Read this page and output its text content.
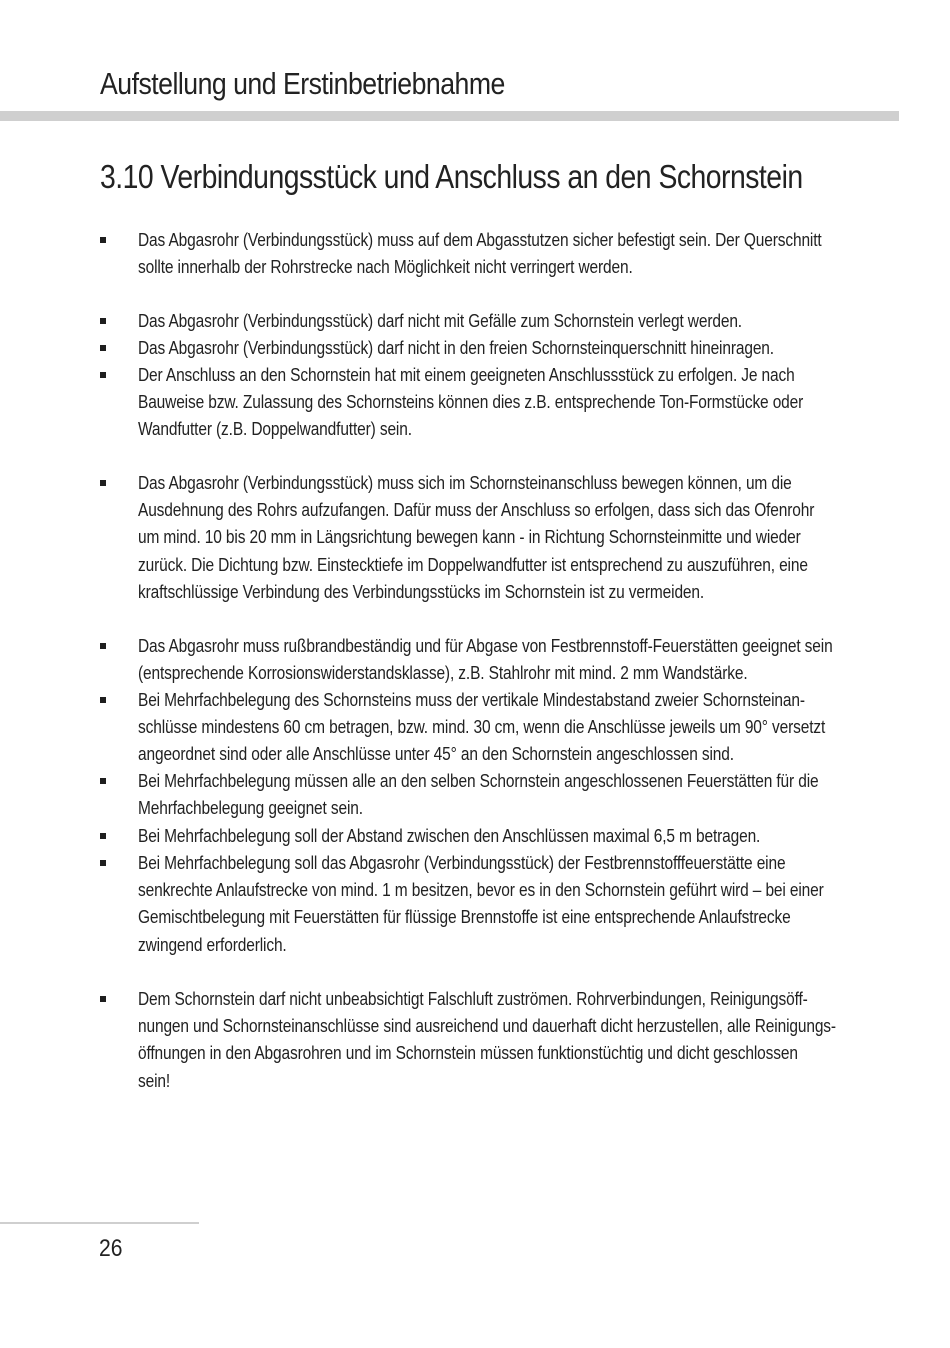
Aufstellung und Erstinbetriebnahme
3.10 Verbindungsstück und Anschluss an den Schornstein
Das Abgasrohr (Verbindungsstück) muss auf dem Abgasstutzen sicher befestigt sein. Der Querschnitt
sollte innerhalb der Rohrstrecke nach Möglichkeit nicht verringert werden.
Das Abgasrohr (Verbindungsstück) darf nicht mit Gefälle zum Schornstein verlegt werden.
Das Abgasrohr (Verbindungsstück) darf nicht in den freien Schornsteinquerschnitt hineinragen.
Der Anschluss an den Schornstein hat mit einem geeigneten Anschlussstück zu erfolgen. Je nach
Bauweise bzw. Zulassung des Schornsteins können dies z.B. entsprechende Ton-Formstücke oder
Wandfutter (z.B. Doppelwandfutter) sein.
Das Abgasrohr (Verbindungsstück) muss sich im Schornsteinanschluss bewegen können, um die
Ausdehnung des Rohrs aufzufangen. Dafür muss der Anschluss so erfolgen, dass sich das Ofenrohr
um mind. 10 bis 20 mm in Längsrichtung bewegen kann - in Richtung Schornsteinmitte und wieder
zurück. Die Dichtung bzw. Einstecktiefe im Doppelwandfutter ist entsprechend zu auszuführen, eine
kraftschlüssige Verbindung des Verbindungsstücks im Schornstein ist zu vermeiden.
Das Abgasrohr muss rußbrandbeständig und für Abgase von Festbrennstoff-Feuerstätten geeignet sein
(entsprechende Korrosionswiderstandsklasse), z.B. Stahlrohr mit mind. 2 mm Wandstärke.
Bei Mehrfachbelegung des Schornsteins muss der vertikale Mindestabstand zweier Schornsteinan-
schlüsse mindestens 60 cm betragen, bzw. mind. 30 cm, wenn die Anschlüsse jeweils um 90° versetzt
angeordnet sind oder alle Anschlüsse unter 45° an den Schornstein angeschlossen sind.
Bei Mehrfachbelegung müssen alle an den selben Schornstein angeschlossenen Feuerstätten für die
Mehrfachbelegung geeignet sein.
Bei Mehrfachbelegung soll der Abstand zwischen den Anschlüssen maximal 6,5 m betragen.
Bei Mehrfachbelegung soll das Abgasrohr (Verbindungsstück) der Festbrennstofffeuerstätte eine
senkrechte Anlaufstrecke von mind. 1 m besitzen, bevor es in den Schornstein geführt wird – bei einer
Gemischtbelegung mit Feuerstätten für flüssige Brennstoffe ist eine entsprechende Anlaufstrecke
zwingend erforderlich.
Dem Schornstein darf nicht unbeabsichtigt Falschluft zuströmen. Rohrverbindungen, Reinigungsöff-
nungen und Schornsteinanschlüsse sind ausreichend und dauerhaft dicht herzustellen, alle Reinigungs-
öffnungen in den Abgasrohren und im Schornstein müssen funktionstüchtig und dicht geschlossen
sein!
26
